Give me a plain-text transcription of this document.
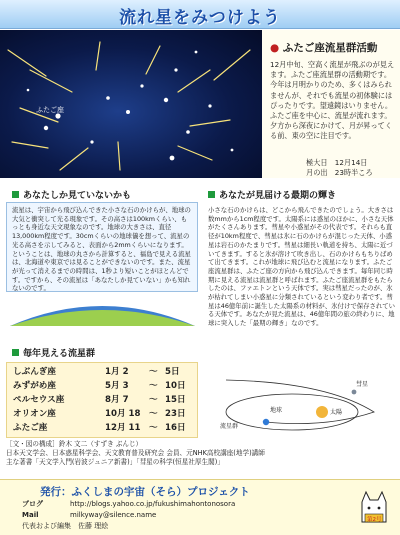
流れ星をみつけよう
ふたご座
● ふたご座流星群活動
12月中旬、空高く流星が飛ぶのが見えます。ふたご座流星群の活動期です。今年は月明かりのため、多くはみられませんが、それでも流星の初体験にはぴったりです。望遠鏡はいりません。ふたご座を中心に、流星が流れます。夕方から深夜にかけて、月が昇ってくる前、東の空に注目です。
極大日　 12月14日
月の出　 23時半ころ
あなたしか見ていないかも
流星は、宇宙から飛び込んできた小さな石のかけらが、地球の大気と衝突して光る現象です。その高さは100kmくらい、もっとも身近な天文現象なのです。地球の大きさは、直径13,000km程度です。30cmくらいの地球儀を想って、流星の光る高さを示してみると、表面から2mmくらいになります。ということは、地球の丸さから計算すると、福島で見える流星は、北海道や東京では見ることができないのです。また、流星が光って消えるまでの時間は、1秒より短いことがほとんどです。ですから、その流星は「あなたしか見ていない」かも知れないのです。
毎年見える流星群
しぶんぎ座	1月 2 〜 5日
みずがめ座	5月 3 〜 10日
ペルセウス座	8月 7 〜 15日
オリオン座	10月 18 〜 23日
ふたご座	12月 11 〜 16日
あなたが見届ける最期の輝き
小さな石のかけらは、どこから飛んできたのでしょう。大きさは数mmから1cm程度です。太陽系には惑星のほかに、小さな天体がたくさんあります。彗星や小惑星がその代表です。それらも直径が10km程度で、彗星は氷に石のかけらが混じった天体、小惑星は岩石のかたまりです。彗星は細長い軌道を持ち、太陽に近づいてきます。すると氷が溶けて吹き出し、石のかけらもちりばめて出てきます。これが地球に飛び込むと流星になります。ふたご座流星群は、ふたご座の方向から飛び込んできます。毎年同じ時期に見える流星は流星群と呼ばれます。ふたご座流星群をもたらしたのは、ファエトンという天体です。実は彗星だったのが、氷が枯れてしまい小惑星に分類されているという変わり者です。彗星は46億年前に誕生した太陽系の材料が、氷付けで保存されている天体です。あなたが見た流星は、46億年間の旅の終わりに、地球に突入した「最期の輝き」なのです。
彗星
地球	太陽
流星群
［文・図の構成］鈴木 文二（すずき ぶんじ）
日本天文学会、日本惑星科学会、天文教育普及研究会 会員、元NHK高校講座(地学)講師
主な著書「天文学入門(岩波ジュニア新書)」「彗星の科学(恒星社厚生閣)」
発行：ふくしまの宇宙（そら）プロジェクト
ブログ	http://blogs.yahoo.co.jp/fukushimahontonosora
Mail	milkyway@silence.name
代表および編集　 佐藤 理絵
第2号
